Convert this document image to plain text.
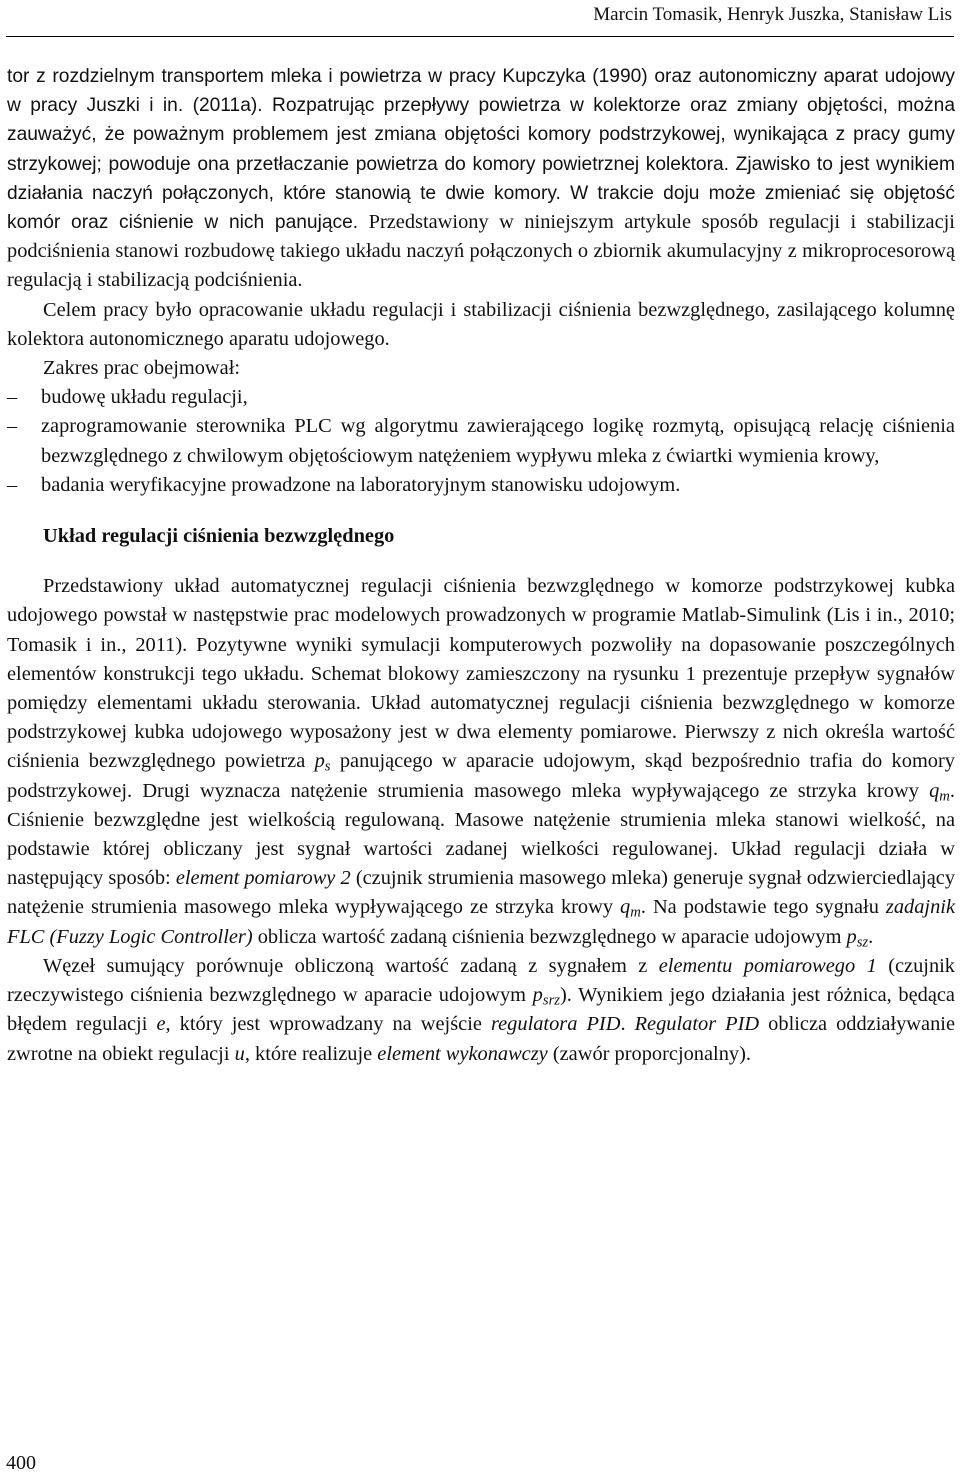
Marcin Tomasik, Henryk Juszka, Stanisław Lis

tor z rozdzielnym transportem mleka i powietrza w pracy Kupczyka (1990) oraz autonomiczny aparat udojowy w pracy Juszki i in. (2011a). Rozpatrując przepływy powietrza w kolektorze oraz zmiany objętości, można zauważyć, że poważnym problemem jest zmiana objętości komory podstrzykowej, wynikająca z pracy gumy strzykowej; powoduje ona przetłaczanie powietrza do komory powietrznej kolektora. Zjawisko to jest wynikiem działania naczyń połączonych, które stanowią te dwie komory. W trakcie doju może zmieniać się objętość komór oraz ciśnienie w nich panujące. Przedstawiony w niniejszym artykule sposób regulacji i stabilizacji podciśnienia stanowi rozbudowę takiego układu naczyń połączonych o zbiornik akumulacyjny z mikroprocesorową regulacją i stabilizacją podciśnienia.

Celem pracy było opracowanie układu regulacji i stabilizacji ciśnienia bezwzględnego, zasilającego kolumnę kolektora autonomicznego aparatu udojowego.

Zakres prac obejmował:

– budowę układu regulacji,
– zaprogramowanie sterownika PLC wg algorytmu zawierającego logikę rozmytą, opisującą relację ciśnienia bezwzględnego z chwilowym objętościowym natężeniem wypływu mleka z ćwiartki wymienia krowy,
– badania weryfikacyjne prowadzone na laboratoryjnym stanowisku udojowym.

Układ regulacji ciśnienia bezwzględnego

Przedstawiony układ automatycznej regulacji ciśnienia bezwzględnego w komorze podstrzykowej kubka udojowego powstał w następstwie prac modelowych prowadzonych w programie Matlab-Simulink (Lis i in., 2010; Tomasik i in., 2011). Pozytywne wyniki symulacji komputerowych pozwoliły na dopasowanie poszczególnych elementów konstrukcji tego układu. Schemat blokowy zamieszczony na rysunku 1 prezentuje przepływ sygnałów pomiędzy elementami układu sterowania. Układ automatycznej regulacji ciśnienia bezwzględnego w komorze podstrzykowej kubka udojowego wyposażony jest w dwa elementy pomiarowe. Pierwszy z nich określa wartość ciśnienia bezwzględnego powietrza $p_s$ panującego w aparacie udojowym, skąd bezpośrednio trafia do komory podstrzykowej. Drugi wyznacza natężenie strumienia masowego mleka wypływającego ze strzyka krowy $q_m$. Ciśnienie bezwzględne jest wielkością regulowaną. Masowe natężenie strumienia mleka stanowi wielkość, na podstawie której obliczany jest sygnał wartości zadanej wielkości regulowanej. Układ regulacji działa w następujący sposób: element pomiarowy 2 (czujnik strumienia masowego mleka) generuje sygnał odzwierciedlający natężenie strumienia masowego mleka wypływającego ze strzyka krowy $q_m$. Na podstawie tego sygnału zadajnik FLC (Fuzzy Logic Controller) oblicza wartość zadaną ciśnienia bezwzględnego w aparacie udojowym $p_{sz}$.

Węzeł sumujący porównuje obliczoną wartość zadaną z sygnałem z elementu pomiarowego 1 (czujnik rzeczywistego ciśnienia bezwzględnego w aparacie udojowym $p_{srz}$). Wynikiem jego działania jest różnica, będąca błędem regulacji e, który jest wprowadzany na wejście regulatora PID. Regulator PID oblicza oddziaływanie zwrotne na obiekt regulacji u, które realizuje element wykonawczy (zawór proporcjonalny).

400
